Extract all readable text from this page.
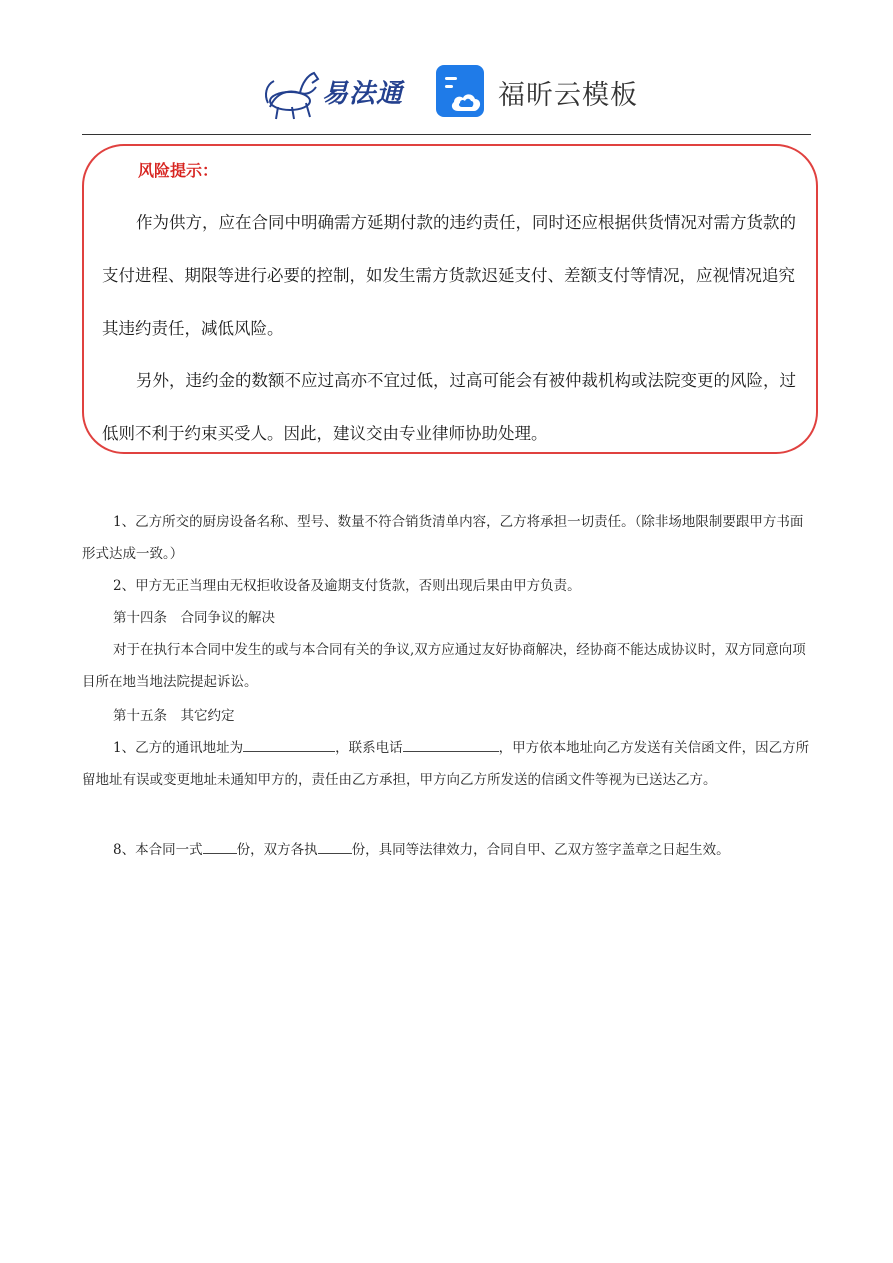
易法通	福昕云模板
风险提示：

作为供方，应在合同中明确需方延期付款的违约责任，同时还应根据供货情况对需方货款的支付进程、期限等进行必要的控制，如发生需方货款迟延支付、差额支付等情况，应视情况追究其违约责任，减低风险。

另外，违约金的数额不应过高亦不宜过低，过高可能会有被仲裁机构或法院变更的风险，过低则不利于约束买受人。因此，建议交由专业律师协助处理。

1、乙方所交的厨房设备名称、型号、数量不符合销货清单内容，乙方将承担一切责任。（除非场地限制要跟甲方书面形式达成一致。）

2、甲方无正当理由无权拒收设备及逾期支付货款，否则出现后果由甲方负责。

第十四条　合同争议的解决

对于在执行本合同中发生的或与本合同有关的争议,双方应通过友好协商解决，经协商不能达成协议时，双方同意向项目所在地当地法院提起诉讼。

第十五条　其它约定

1、乙方的通讯地址为	，联系电话	，甲方依本地址向乙方发送有关信函文件，因乙方所留地址有误或变更地址未通知甲方的，责任由乙方承担，甲方向乙方所发送的信函文件等视为已送达乙方。

8、本合同一式	份，双方各执	份，具同等法律效力，合同自甲、乙双方签字盖章之日起生效。
